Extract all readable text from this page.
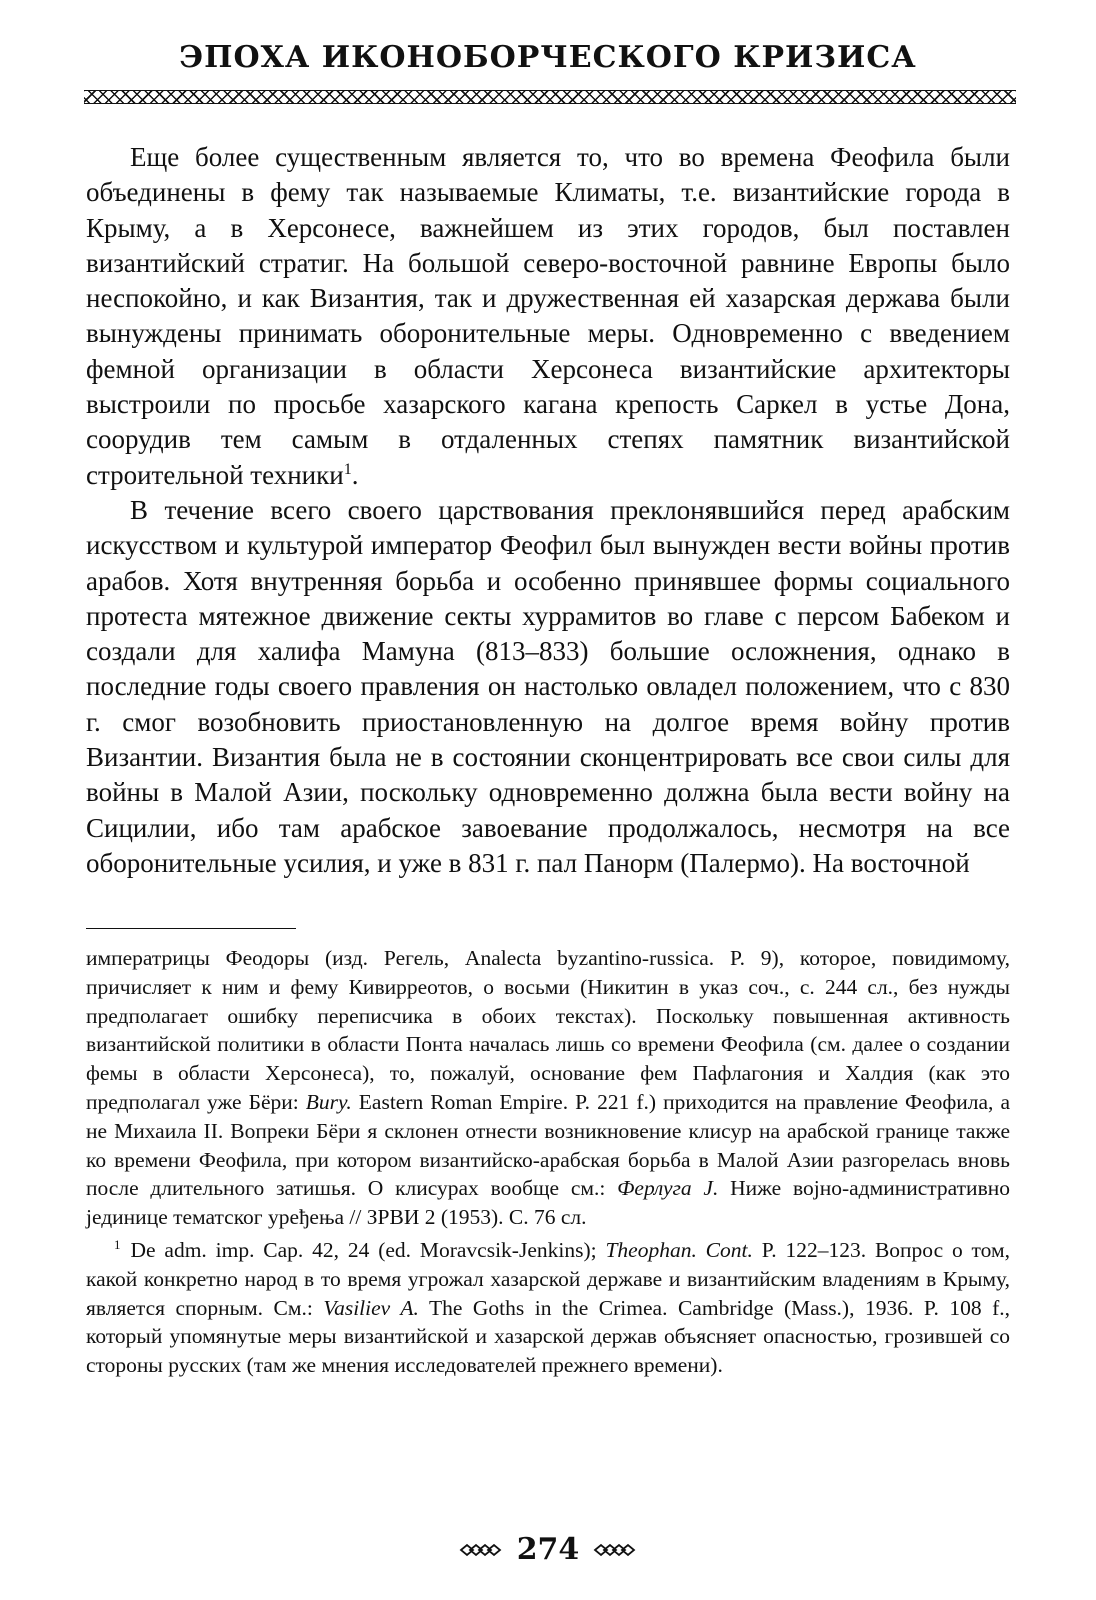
ЭПОХА ИКОНОБОРЧЕСКОГО КРИЗИСА

Еще более существенным является то, что во времена Феофила были объединены в фему так называемые Климаты, т.е. византийские города в Крыму, а в Херсонесе, важнейшем из этих городов, был поставлен византийский стратиг. На большой северо-восточной равнине Европы было неспокойно, и как Византия, так и дружественная ей хазарская держава были вынуждены принимать оборонительные меры. Одновременно с введением фемной организации в области Херсонеса византийские архитекторы выстроили по просьбе хазарского кагана крепость Саркел в устье Дона, соорудив тем самым в отдаленных степях памятник византийской строительной техники$^1$.

В течение всего своего царствования преклонявшийся перед арабским искусством и культурой император Феофил был вынужден вести войны против арабов. Хотя внутренняя борьба и особенно принявшее формы социального протеста мятежное движение секты хуррамитов во главе с персом Бабеком и создали для халифа Мамуна (813–833) большие осложнения, однако в последние годы своего правления он настолько овладел положением, что с 830 г. смог возобновить приостановленную на долгое время войну против Византии. Византия была не в состоянии сконцентрировать все свои силы для войны в Малой Азии, поскольку одновременно должна была вести войну на Сицилии, ибо там арабское завоевание продолжалось, несмотря на все оборонительные усилия, и уже в 831 г. пал Панорм (Палермо). На восточной

императрицы Феодоры (изд. Регель, Analecta byzantino-russica. P. 9), которое, повидимому, причисляет к ним и фему Кивирреотов, о восьми (Никитин в указ соч., с. 244 сл., без нужды предполагает ошибку переписчика в обоих текстах). Поскольку повышенная активность византийской политики в области Понта началась лишь со времени Феофила (см. далее о создании фемы в области Херсонеса), то, пожалуй, основание фем Пафлагония и Халдия (как это предполагал уже Бёри: Bury. Eastern Roman Empire. P. 221 f.) приходится на правление Феофила, а не Михаила II. Вопреки Бёри я склонен отнести возникновение клисур на арабской границе также ко времени Феофила, при котором византийско-арабская борьба в Малой Азии разгорелась вновь после длительного затишья. О клисурах вообще см.: Ферлуга J. Ниже војно-административно јединице тематског уређења // ЗРВИ 2 (1953). С. 76 сл.

$^1$ De adm. imp. Cap. 42, 24 (ed. Moravcsik-Jenkins); Theophan. Cont. P. 122–123. Вопрос о том, какой конкретно народ в то время угрожал хазарской державе и византийским владениям в Крыму, является спорным. См.: Vasiliev A. The Goths in the Crimea. Cambridge (Mass.), 1936. P. 108 f., который упомянутые меры византийской и хазарской держав объясняет опасностью, грозившей со стороны русских (там же мнения исследователей прежнего времени).

274
